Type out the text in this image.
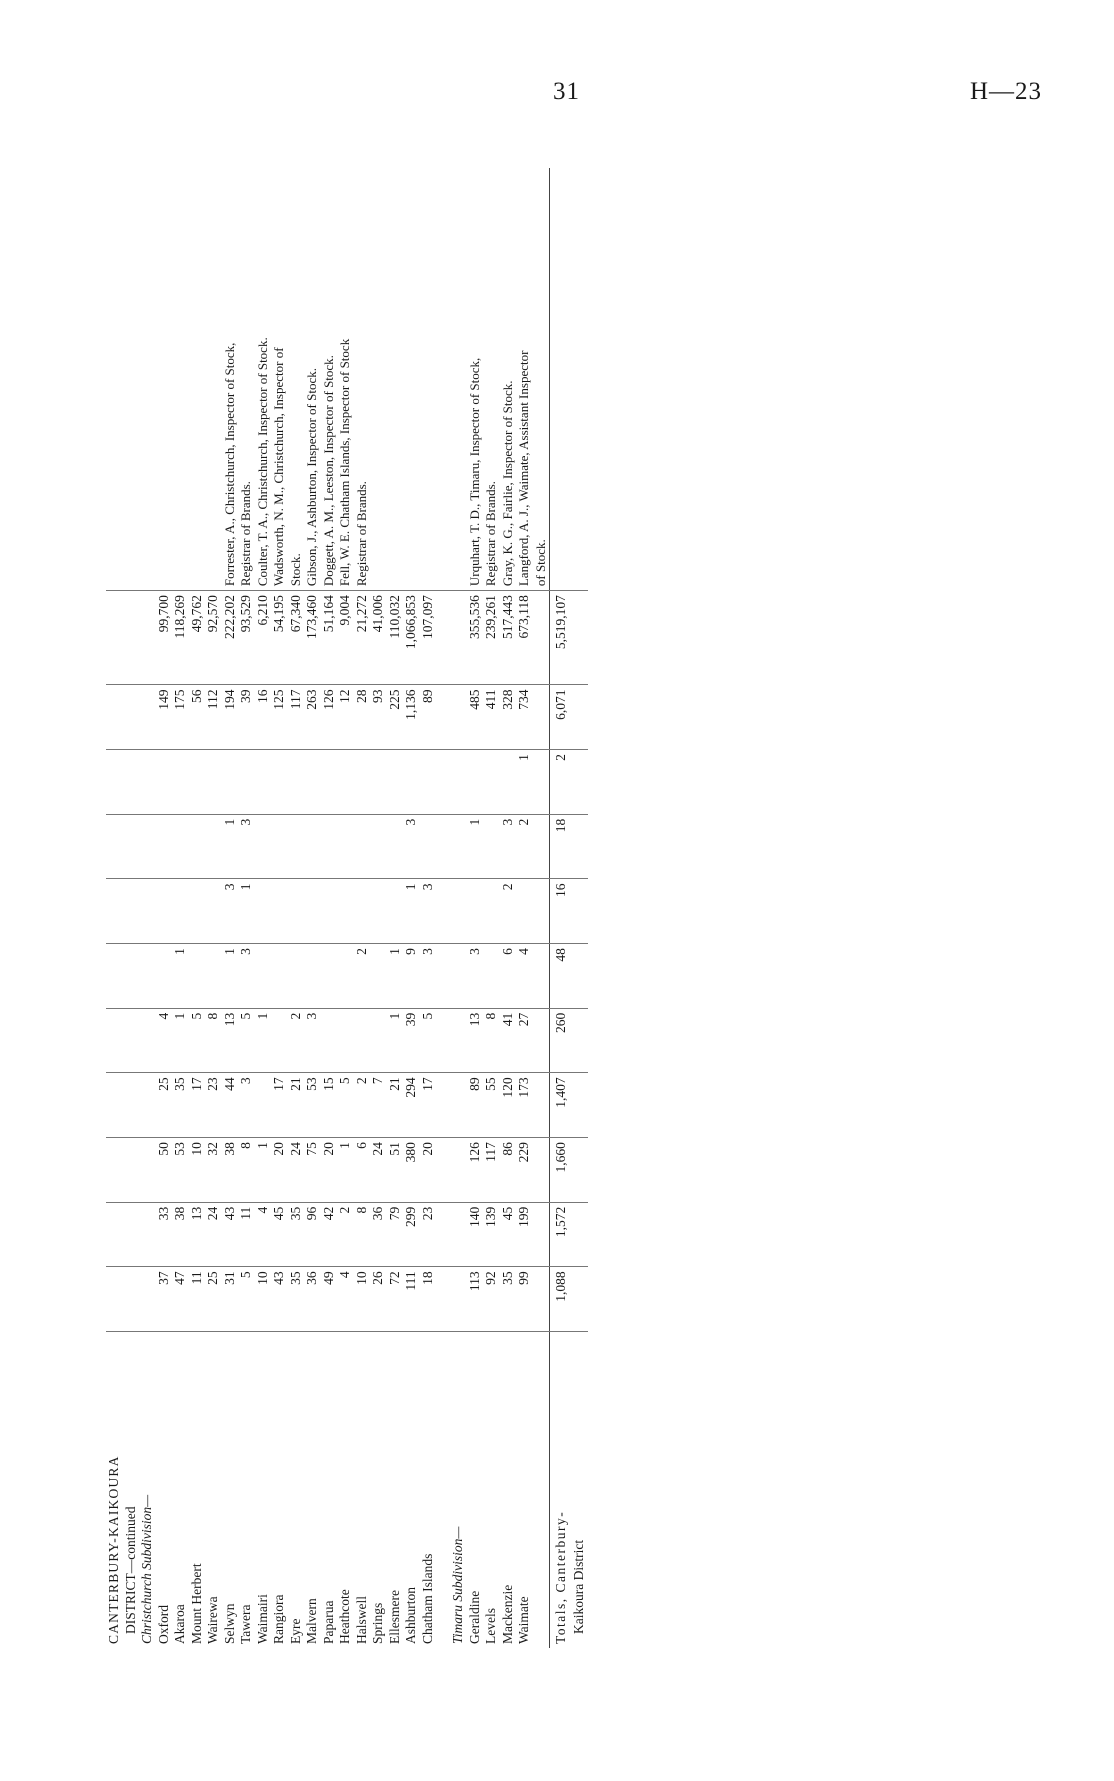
31	H—23
CANTERBURY-KAIKOURA												
DISTRICT—continued												
Christchurch Subdivision—												
Oxford	37	33	50	25	4					149	99,700	
Akaroa	47	38	53	35	1	1				175	118,269	
Mount Herbert	11	13	10	17	5					56	49,762	
Wairewa	25	24	32	23	8					112	92,570	
Selwyn	31	43	38	44	13	1	3	1		194	222,202	Forrester, A., Christchurch, Inspector of Stock,
Tawera	5	11	8	3	5	3	1	3		39	93,529	Registrar of Brands.
Waimairi	10	4	1		1					16	6,210	Coulter, T. A., Christchurch, Inspector of Stock.
Rangiora	43	45	20	17						125	54,195	Wadsworth, N. M., Christchurch, Inspector of
Eyre	35	35	24	21	2					117	67,340	Stock.
Malvern	36	96	75	53	3					263	173,460	Gibson, J., Ashburton, Inspector of Stock.
Paparua	49	42	20	15						126	51,164	Doggett, A. M., Leeston, Inspector of Stock.
Heathcote	4	2	1	5						12	9,004	Fell, W. E. Chatham Islands, Inspector of Stock
Halswell	10	8	6	2		2				28	21,272	Registrar of Brands.
Springs	26	36	24	7						93	41,006	
Ellesmere	72	79	51	21	1	1				225	110,032	
Ashburton	111	299	380	294	39	9	1	3		1,136	1,066,853	
Chatham Islands	18	23	20	17	5	3	3			89	107,097	

Timaru Subdivision—												
Geraldine	113	140	126	89	13	3		1		485	355,536	Urquhart, T. D., Timaru, Inspector of Stock,
Levels	92	139	117	55	8					411	239,261	Registrar of Brands.
Mackenzie	35	45	86	120	41	6	2	3		328	517,443	Gray, K. G., Fairlie, Inspector of Stock.
Waimate	99	199	229	173	27	4		2	1	734	673,118	Langford, A. J., Waimate, Assistant Inspector
												of Stock.
Totals, Canterbury-	1,088	1,572	1,660	1,407	260	48	16	18	2	6,071	5,519,107	
Kaikoura District												
